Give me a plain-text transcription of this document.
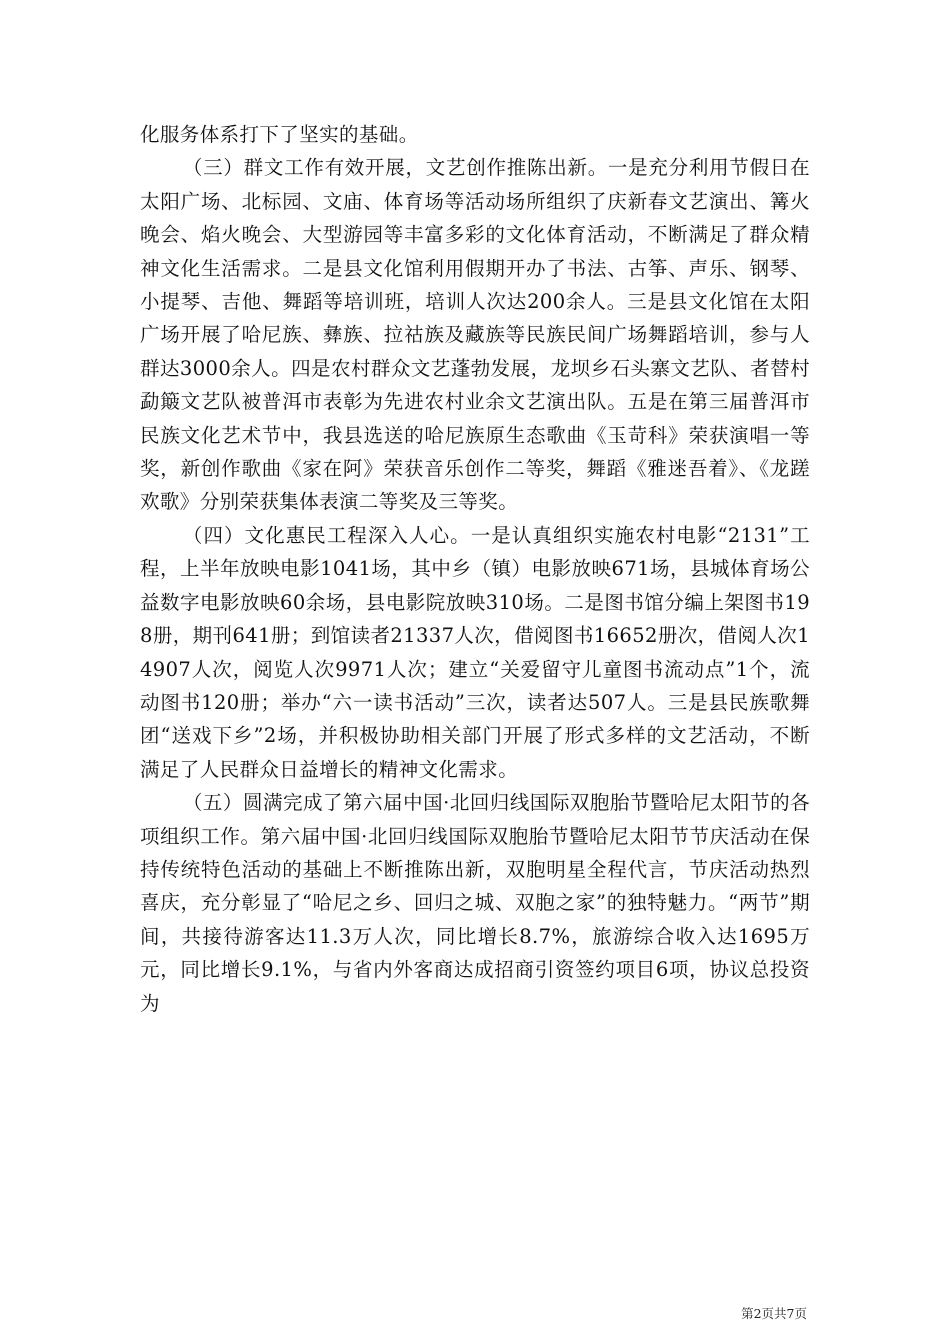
化服务体系打下了坚实的基础。

（三）群文工作有效开展，文艺创作推陈出新。一是充分利用节假日在太阳广场、北标园、文庙、体育场等活动场所组织了庆新春文艺演出、篝火晚会、焰火晚会、大型游园等丰富多彩的文化体育活动，不断满足了群众精神文化生活需求。二是县文化馆利用假期开办了书法、古筝、声乐、钢琴、小提琴、吉他、舞蹈等培训班，培训人次达200余人。三是县文化馆在太阳广场开展了哈尼族、彝族、拉祜族及藏族等民族民间广场舞蹈培训，参与人群达3000余人。四是农村群众文艺蓬勃发展，龙坝乡石头寨文艺队、者替村勐簸文艺队被普洱市表彰为先进农村业余文艺演出队。五是在第三届普洱市民族文化艺术节中，我县选送的哈尼族原生态歌曲《玉苛科》荣获演唱一等奖，新创作歌曲《家在阿》荣获音乐创作二等奖，舞蹈《雅迷吾着》、《龙蹉欢歌》分别荣获集体表演二等奖及三等奖。

（四）文化惠民工程深入人心。一是认真组织实施农村电影“2131”工程，上半年放映电影1041场，其中乡（镇）电影放映671场，县城体育场公益数字电影放映60余场，县电影院放映310场。二是图书馆分编上架图书198册，期刊641册；到馆读者21337人次，借阅图书16652册次，借阅人次14907人次，阅览人次9971人次；建立“关爱留守儿童图书流动点”1个，流动图书120册；举办“六一读书活动”三次，读者达507人。三是县民族歌舞团“送戏下乡”2场，并积极协助相关部门开展了形式多样的文艺活动，不断满足了人民群众日益增长的精神文化需求。

（五）圆满完成了第六届中国·北回归线国际双胞胎节暨哈尼太阳节的各项组织工作。第六届中国·北回归线国际双胞胎节暨哈尼太阳节节庆活动在保持传统特色活动的基础上不断推陈出新，双胞明星全程代言，节庆活动热烈喜庆，充分彰显了“哈尼之乡、回归之城、双胞之家”的独特魅力。“两节”期间，共接待游客达11.3万人次，同比增长8.7%，旅游综合收入达1695万元，同比增长9.1%，与省内外客商达成招商引资签约项目6项，协议总投资为

第2页共7页
